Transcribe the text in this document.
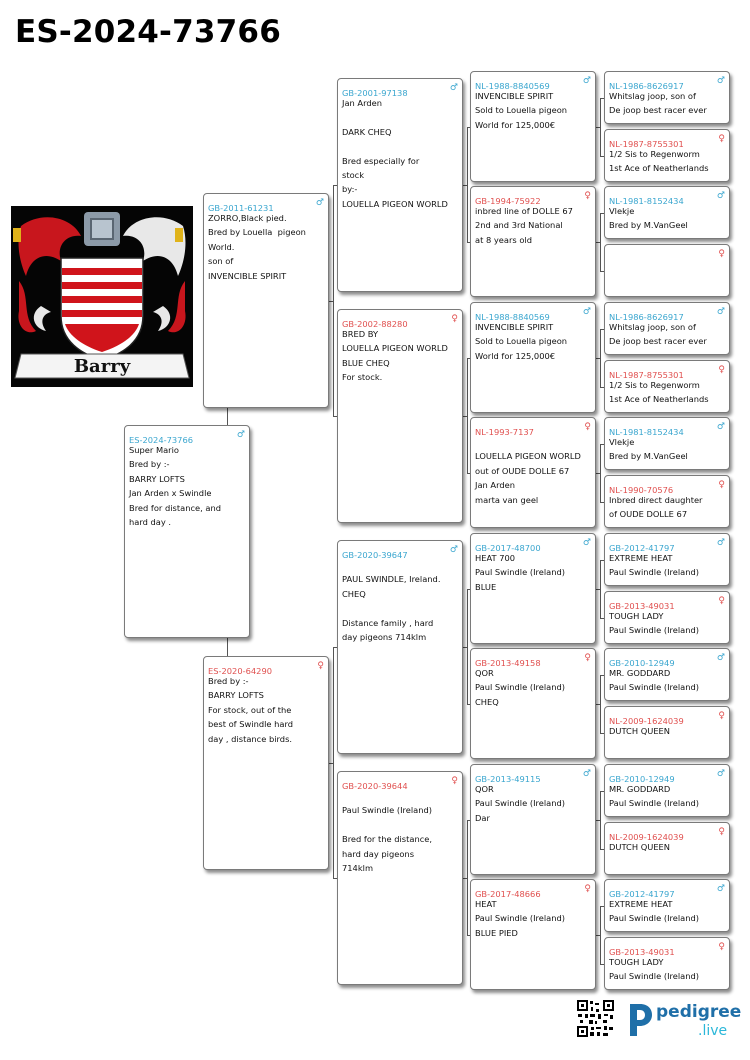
ES-2024-73766
Barry
ES-2024-73766	♂
Super Mario
Bred by :-
BARRY LOFTS
Jan Arden x Swindle
Bred for distance, and
hard day .
GB-2011-61231	♂
ZORRO,Black pied.
Bred by Louella  pigeon
World.
son of
INVENCIBLE SPIRIT
ES-2020-64290	♀
Bred by :-
BARRY LOFTS
For stock, out of the
best of Swindle hard
day , distance birds.
GB-2001-97138	♂
Jan Arden

DARK CHEQ

Bred especially for
stock
by:-
LOUELLA PIGEON WORLD
GB-2002-88280	♀
BRED BY
LOUELLA PIGEON WORLD
BLUE CHEQ
For stock.
GB-2020-39647	♂

PAUL SWINDLE, Ireland.
CHEQ

Distance family , hard
day pigeons 714klm
GB-2020-39644	♀

Paul Swindle (Ireland)

Bred for the distance,
hard day pigeons
714klm
NL-1988-8840569	♂
INVENCIBLE SPIRIT
Sold to Louella pigeon
World for 125,000€
GB-1994-75922	♀
inbred line of DOLLE 67
2nd and 3rd National
at 8 years old
NL-1988-8840569	♂
INVENCIBLE SPIRIT
Sold to Louella pigeon
World for 125,000€
NL-1993-7137	♀

LOUELLA PIGEON WORLD
out of OUDE DOLLE 67
Jan Arden
marta van geel
GB-2017-48700	♂
HEAT 700
Paul Swindle (Ireland)
BLUE
GB-2013-49158	♀
QOR
Paul Swindle (Ireland)
CHEQ
GB-2013-49115	♂
QOR
Paul Swindle (Ireland)
Dar
GB-2017-48666	♀
HEAT
Paul Swindle (Ireland)
BLUE PIED
NL-1986-8626917	♂
Whitslag joop, son of
De joop best racer ever
NL-1987-8755301	♀
1/2 Sis to Regenworm
1st Ace of Neatherlands
NL-1981-8152434	♂
Vlekje
Bred by M.VanGeel
♀
NL-1986-8626917	♂
Whitslag joop, son of
De joop best racer ever
NL-1987-8755301	♀
1/2 Sis to Regenworm
1st Ace of Neatherlands
NL-1981-8152434	♂
Vlekje
Bred by M.VanGeel
NL-1990-70576	♀
Inbred direct daughter
of OUDE DOLLE 67
GB-2012-41797	♂
EXTREME HEAT
Paul Swindle (Ireland)
GB-2013-49031	♀
TOUGH LADY
Paul Swindle (Ireland)
GB-2010-12949	♂
MR. GODDARD
Paul Swindle (Ireland)
NL-2009-1624039	♀
DUTCH QUEEN
GB-2010-12949	♂
MR. GODDARD
Paul Swindle (Ireland)
NL-2009-1624039	♀
DUTCH QUEEN
GB-2012-41797	♂
EXTREME HEAT
Paul Swindle (Ireland)
GB-2013-49031	♀
TOUGH LADY
Paul Swindle (Ireland)
pedigree
.live
